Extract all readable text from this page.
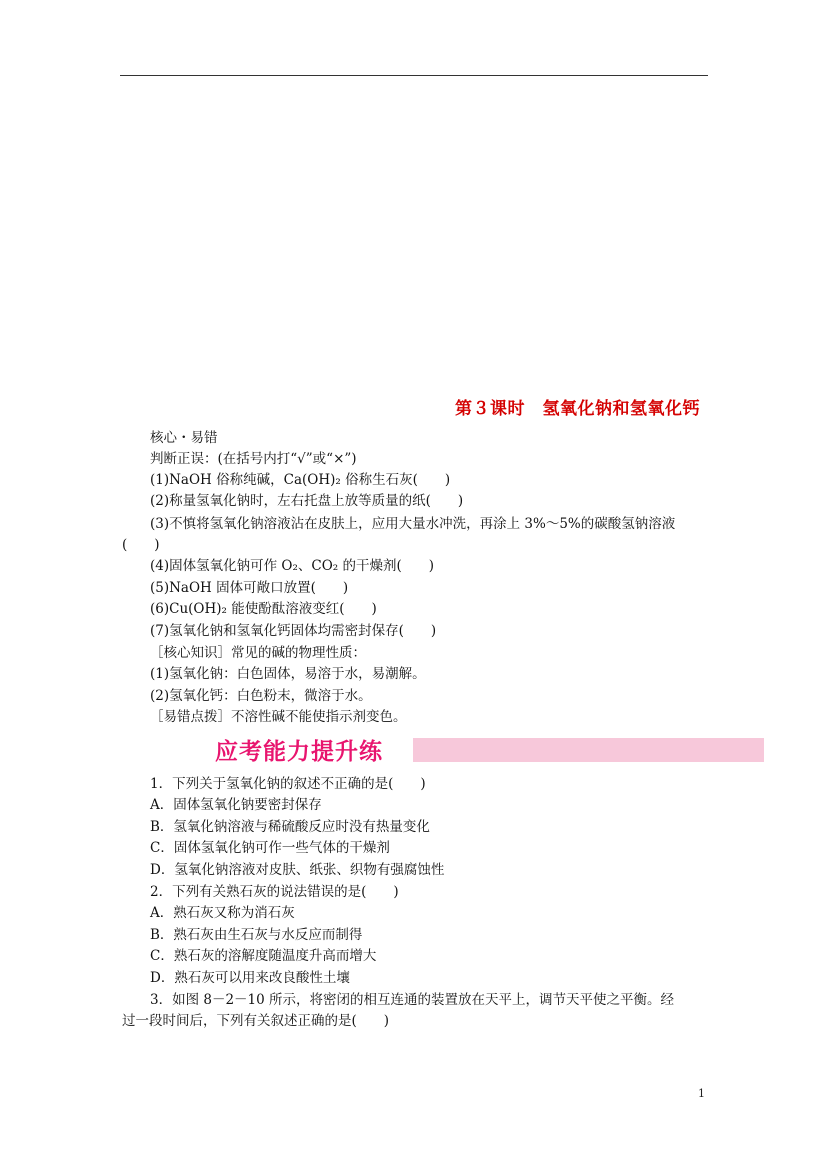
第３课时　氢氧化钠和氢氧化钙
核心・易错
判断正误：(在括号内打“√”或“×”)
(1)NaOH 俗称纯碱，Ca(OH)₂ 俗称生石灰(　　)
(2)称量氢氧化钠时，左右托盘上放等质量的纸(　　)
(3)不慎将氢氧化钠溶液沾在皮肤上，应用大量水冲洗，再涂上 3%～5%的碳酸氢钠溶液
(　　)
(4)固体氢氧化钠可作 O₂、CO₂ 的干燥剂(　　)
(5)NaOH 固体可敞口放置(　　)
(6)Cu(OH)₂ 能使酚酞溶液变红(　　)
(7)氢氧化钠和氢氧化钙固体均需密封保存(　　)
［核心知识］常见的碱的物理性质：
(1)氢氧化钠：白色固体，易溶于水，易潮解。
(2)氢氧化钙：白色粉末，微溶于水。
［易错点拨］不溶性碱不能使指示剂变色。
应考能力提升练
1．下列关于氢氧化钠的叙述不正确的是(　　)
A．固体氢氧化钠要密封保存
B．氢氧化钠溶液与稀硫酸反应时没有热量变化
C．固体氢氧化钠可作一些气体的干燥剂
D．氢氧化钠溶液对皮肤、纸张、织物有强腐蚀性
2．下列有关熟石灰的说法错误的是(　　)
A．熟石灰又称为消石灰
B．熟石灰由生石灰与水反应而制得
C．熟石灰的溶解度随温度升高而增大
D．熟石灰可以用来改良酸性土壤
3．如图 8－2－10 所示，将密闭的相互连通的装置放在天平上，调节天平使之平衡。经
过一段时间后，下列有关叙述正确的是(　　)
1
